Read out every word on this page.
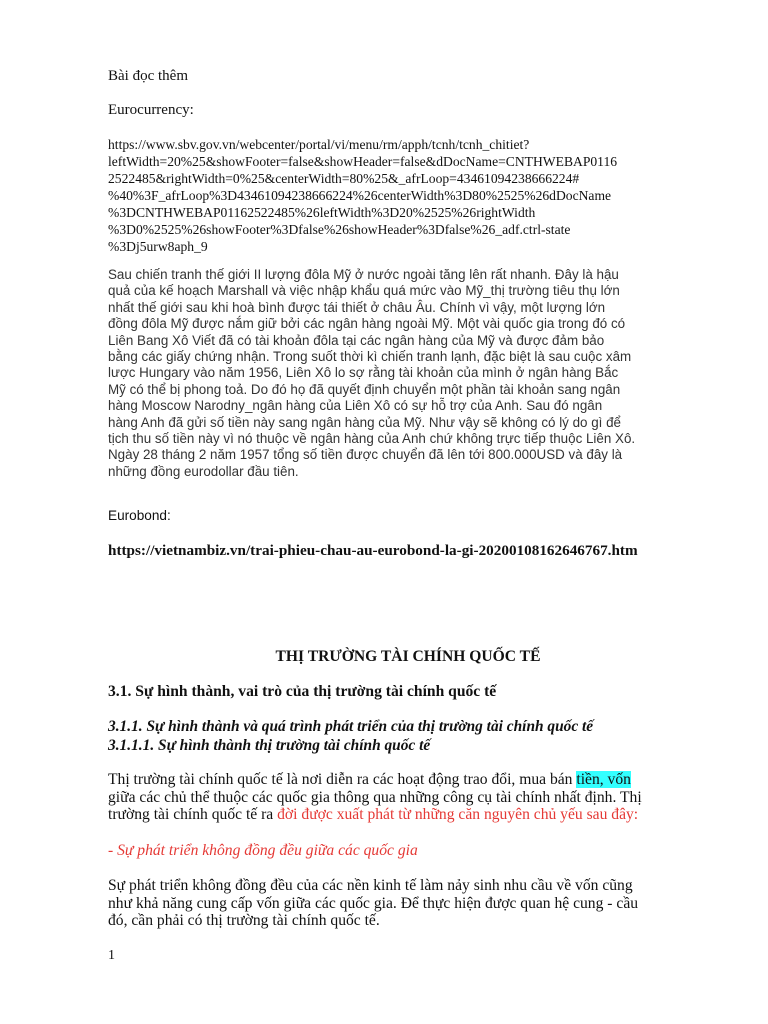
Bài đọc thêm

Eurocurrency:

https://www.sbv.gov.vn/webcenter/portal/vi/menu/rm/apph/tcnh/tcnh_chitiet?
leftWidth=20%25&showFooter=false&showHeader=false&dDocName=CNTHWEBAP0116
2522485&rightWidth=0%25&centerWidth=80%25&_afrLoop=43461094238666224#
%40%3F_afrLoop%3D43461094238666224%26centerWidth%3D80%2525%26dDocName
%3DCNTHWEBAP01162522485%26leftWidth%3D20%2525%26rightWidth
%3D0%2525%26showFooter%3Dfalse%26showHeader%3Dfalse%26_adf.ctrl-state
%3Dj5urw8aph_9
Sau chiến tranh thế giới II lượng đôla Mỹ ở nước ngoài tăng lên rất nhanh. Đây là hậu
quả của kế hoạch Marshall và việc nhập khẩu quá mức vào Mỹ_thị trường tiêu thụ lớn
nhất thế giới sau khi hoà bình được tái thiết ở châu Âu. Chính vì vậy, một lượng lớn
đồng đôla Mỹ được nắm giữ bởi các ngân hàng ngoài Mỹ. Một vài quốc gia trong đó có
Liên Bang Xô Viết đã có tài khoản đôla tại các ngân hàng của Mỹ và được đảm bảo
bằng các giấy chứng nhận. Trong suốt thời kì chiến tranh lạnh, đặc biệt là sau cuộc xâm
lược Hungary vào năm 1956, Liên Xô lo sợ rằng tài khoản của mình ở ngân hàng Bắc
Mỹ có thể bị phong toả. Do đó họ đã quyết định chuyển một phần tài khoản sang ngân
hàng Moscow Narodny_ngân hàng của Liên Xô có sự hỗ trợ của Anh. Sau đó ngân
hàng Anh đã gửi số tiền này sang ngân hàng của Mỹ. Như vậy sẽ không có lý do gì để
tịch thu số tiền này vì nó thuộc về ngân hàng của Anh chứ không trực tiếp thuộc Liên Xô.
Ngày 28 tháng 2 năm 1957 tổng số tiền được chuyển đã lên tới 800.000USD và đây là
những đồng eurodollar đầu tiên.

Eurobond:

https://vietnambiz.vn/trai-phieu-chau-au-eurobond-la-gi-20200108162646767.htm

THỊ TRƯỜNG TÀI CHÍNH QUỐC TẾ

3.1. Sự hình thành, vai trò của thị trường tài chính quốc tế

3.1.1. Sự hình thành và quá trình phát triển của thị trường tài chính quốc tế

3.1.1.1. Sự hình thành thị trường tài chính quốc tế

Thị trường tài chính quốc tế là nơi diễn ra các hoạt động trao đổi, mua bán tiền, vốn
giữa các chủ thể thuộc các quốc gia thông qua những công cụ tài chính nhất định. Thị
trường tài chính quốc tế ra đời được xuất phát từ những căn nguyên chủ yếu sau đây:

- Sự phát triển không đồng đều giữa các quốc gia

Sự phát triển không đồng đều của các nền kinh tế làm nảy sinh nhu cầu về vốn cũng
như khả năng cung cấp vốn giữa các quốc gia. Để thực hiện được quan hệ cung - cầu
đó, cần phải có thị trường tài chính quốc tế.

1
